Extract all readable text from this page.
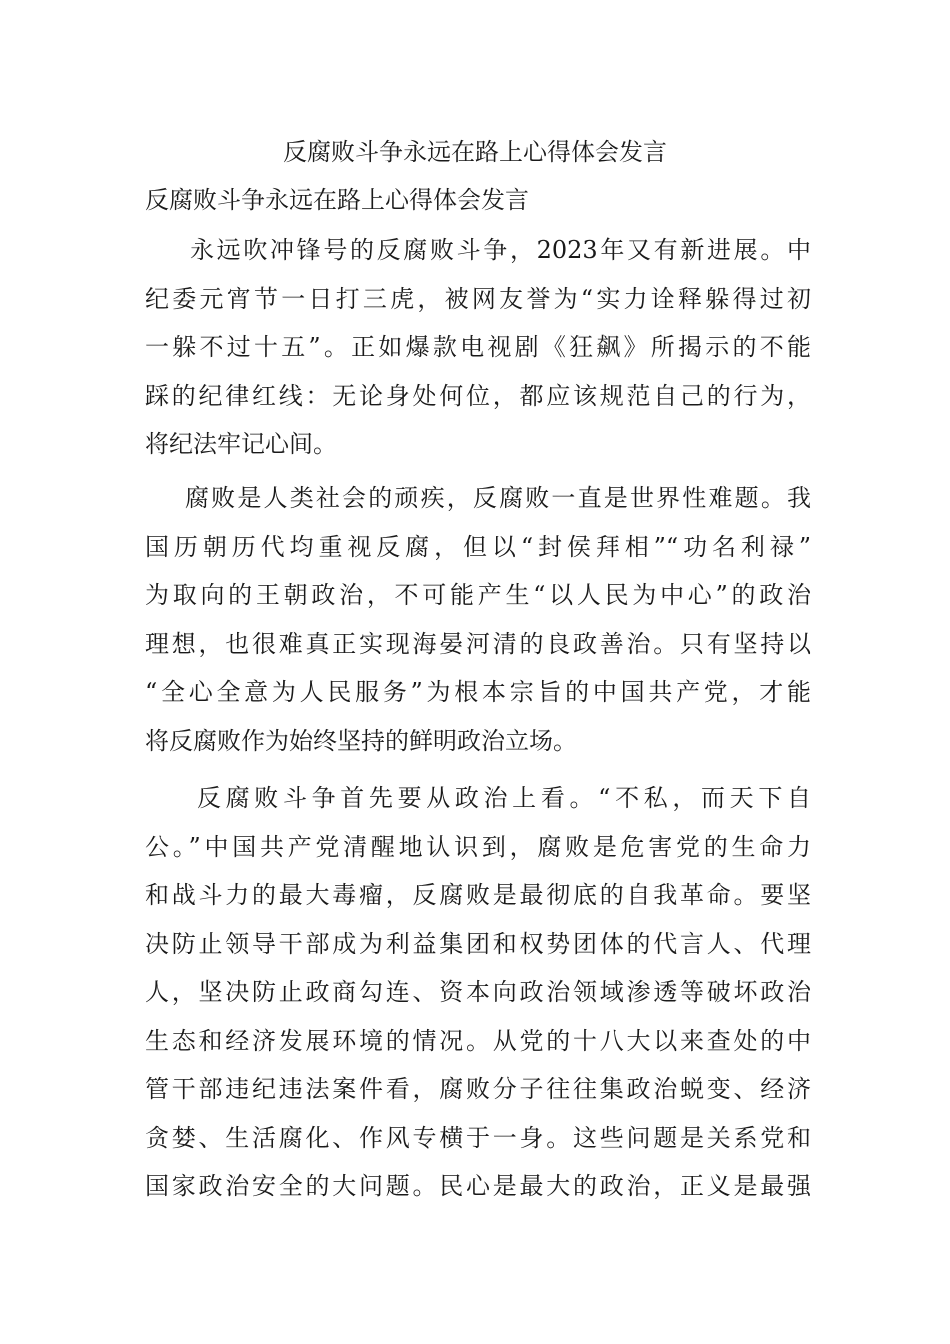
反腐败斗争永远在路上心得体会发言
反腐败斗争永远在路上心得体会发言

永远吹冲锋号的反腐败斗争，2023年又有新进展。中
纪委元宵节一日打三虎，被网友誉为“实力诠释躲得过初
一躲不过十五”。正如爆款电视剧《狂飙》所揭示的不能
踩的纪律红线：无论身处何位，都应该规范自己的行为，
将纪法牢记心间。

腐败是人类社会的顽疾，反腐败一直是世界性难题。我
国历朝历代均重视反腐，但以“封侯拜相”“功名利禄”
为取向的王朝政治，不可能产生“以人民为中心”的政治
理想，也很难真正实现海晏河清的良政善治。只有坚持以
“全心全意为人民服务”为根本宗旨的中国共产党，才能
将反腐败作为始终坚持的鲜明政治立场。

反腐败斗争首先要从政治上看。“不私，而天下自
公。”中国共产党清醒地认识到，腐败是危害党的生命力
和战斗力的最大毒瘤，反腐败是最彻底的自我革命。要坚
决防止领导干部成为利益集团和权势团体的代言人、代理
人，坚决防止政商勾连、资本向政治领域渗透等破坏政治
生态和经济发展环境的情况。从党的十八大以来查处的中
管干部违纪违法案件看，腐败分子往往集政治蜕变、经济
贪婪、生活腐化、作风专横于一身。这些问题是关系党和
国家政治安全的大问题。民心是最大的政治，正义是最强
